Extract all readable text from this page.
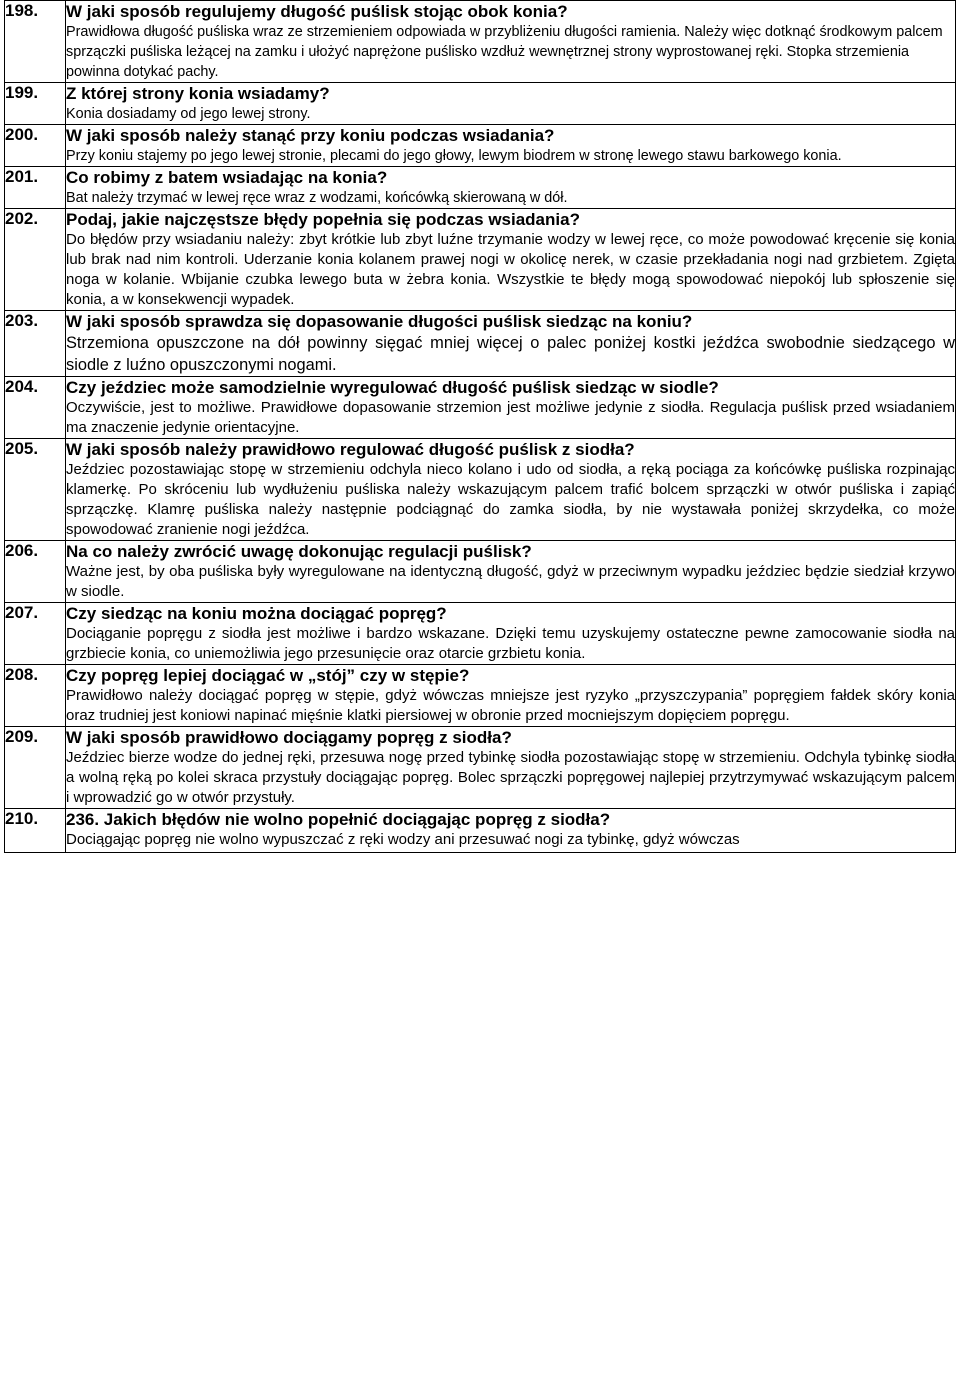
198.	W jaki sposób regulujemy długość puślisk stojąc obok konia?
Prawidłowa długość puśliska wraz ze strzemieniem odpowiada w przybliżeniu długości ramienia. Należy więc dotknąć środkowym palcem sprzączki puśliska leżącej na zamku i ułożyć naprężone puślisko wzdłuż wewnętrznej strony wyprostowanej ręki. Stopka strzemienia powinna dotykać pachy.

199.	Z której strony konia wsiadamy?
Konia dosiadamy od jego lewej strony.

200.	W jaki sposób należy stanąć przy koniu podczas wsiadania?
Przy koniu stajemy po jego lewej stronie, plecami do jego głowy, lewym biodrem w stronę lewego stawu barkowego konia.

201.	Co robimy z batem wsiadając na konia?
Bat należy trzymać w lewej ręce wraz z wodzami, końcówką skierowaną w dół.

202.	Podaj, jakie najczęstsze błędy popełnia się podczas wsiadania?
Do błędów przy wsiadaniu należy: zbyt krótkie lub zbyt luźne trzymanie wodzy w lewej ręce, co może powodować kręcenie się konia lub brak nad nim kontroli. Uderzanie konia kolanem prawej nogi w okolicę nerek, w czasie przekładania nogi nad grzbietem. Zgięta noga w kolanie. Wbijanie czubka lewego buta w żebra konia. Wszystkie te błędy mogą spowodować niepokój lub spłoszenie się konia, a w konsekwencji wypadek.

203.	W jaki sposób sprawdza się dopasowanie długości puślisk siedząc na koniu?
Strzemiona opuszczone na dół powinny sięgać mniej więcej o palec poniżej kostki jeźdźca swobodnie siedzącego w siodle z luźno opuszczonymi nogami.

204.	Czy jeździec może samodzielnie wyregulować długość puślisk siedząc w siodle?
Oczywiście, jest to możliwe. Prawidłowe dopasowanie strzemion jest możliwe jedynie z siodła. Regulacja puślisk przed wsiadaniem ma znaczenie jedynie orientacyjne.

205.	W jaki sposób należy prawidłowo regulować długość puślisk z siodła?
Jeździec pozostawiając stopę w strzemieniu odchyla nieco kolano i udo od siodła, a ręką pociąga za końcówkę puśliska rozpinając klamerkę. Po skróceniu lub wydłużeniu puśliska należy wskazującym palcem trafić bolcem sprzączki w otwór puśliska i zapiąć sprzączkę. Klamrę puśliska należy następnie podciągnąć do zamka siodła, by nie wystawała poniżej skrzydełka, co może spowodować zranienie nogi jeźdźca.

206.	Na co należy zwrócić uwagę dokonując regulacji puślisk?
Ważne jest, by oba puśliska były wyregulowane na identyczną długość, gdyż w przeciwnym wypadku jeździec będzie siedział krzywo w siodle.

207.	Czy siedząc na koniu można dociągać popręg?
Dociąganie popręgu z siodła jest możliwe i bardzo wskazane. Dzięki temu uzyskujemy ostateczne pewne zamocowanie siodła na grzbiecie konia, co uniemożliwia jego przesunięcie oraz otarcie grzbietu konia.

208.	Czy popręg lepiej dociągać w „stój” czy w stępie?
Prawidłowo należy dociągać popręg w stępie, gdyż wówczas mniejsze jest ryzyko „przyszczypania” popręgiem fałdek skóry konia oraz trudniej jest koniowi napinać mięśnie klatki piersiowej w obronie przed mocniejszym dopięciem popręgu.

209.	W jaki sposób prawidłowo dociągamy popręg z siodła?
Jeździec bierze wodze do jednej ręki, przesuwa nogę przed tybinkę siodła pozostawiając stopę w strzemieniu. Odchyla tybinkę siodła a wolną ręką po kolei skraca przystuły dociągając popręg. Bolec sprzączki popręgowej najlepiej przytrzymywać wskazującym palcem i wprowadzić go w otwór przystuły.

210.	236. Jakich błędów nie wolno popełnić dociągając popręg z siodła?
Dociągając popręg nie wolno wypuszczać z ręki wodzy ani przesuwać nogi za tybinkę, gdyż wówczas
